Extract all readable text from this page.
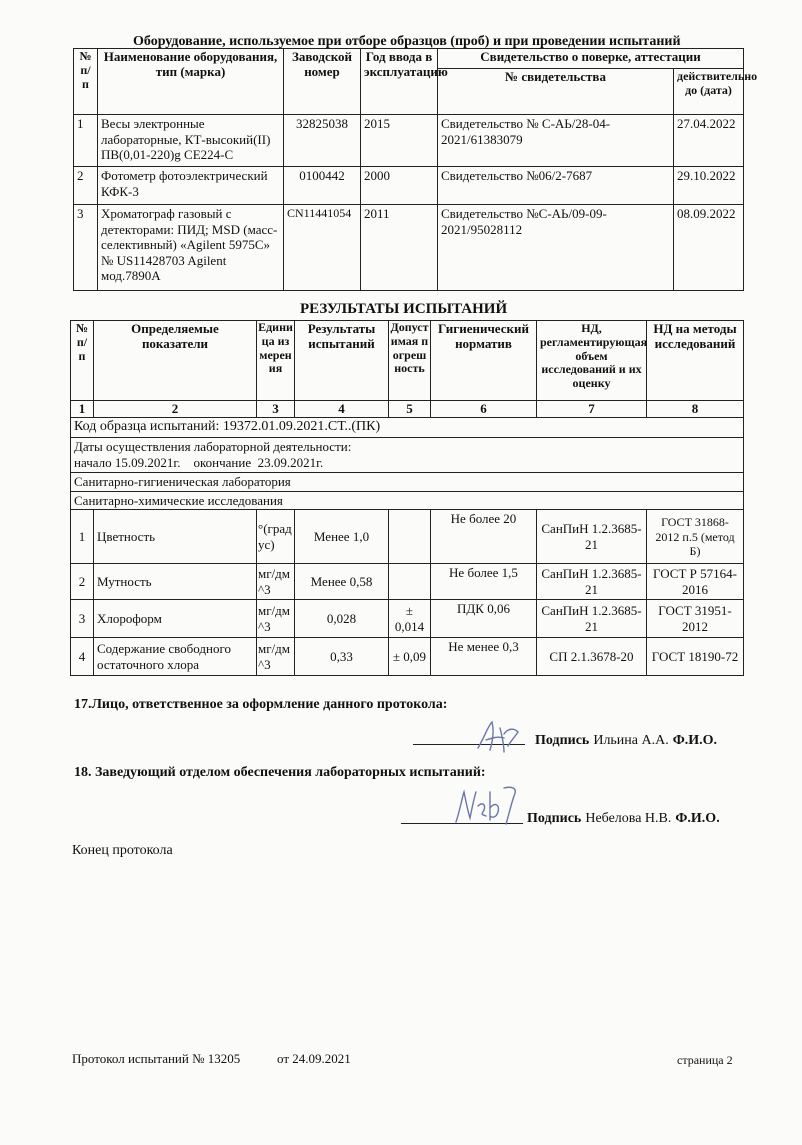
Оборудование, используемое при отборе образцов (проб) и при проведении испытаний
№ п/п	Наименование оборудования, тип (марка)	Заводской номер	Год ввода в эксплуатацию	Свидетельство о поверке, аттестации	
				№ свидетельства	действительно до (дата)
1	Весы электронные лабораторные, КТ-высокий(II) ПВ(0,01-220)g CE224-С	32825038	2015	Свидетельство № С-АЬ/28-04-2021/61383079	27.04.2022
2	Фотометр фотоэлектрический КФК-3	0100442	2000	Свидетельство №06/2-7687	29.10.2022
3	Хроматограф газовый с детекторами: ПИД; MSD (масс-селективный) «Agilent 5975C» № US11428703 Agilent мод.7890A	CN11441054	2011	Свидетельство №С-АЬ/09-09-2021/95028112	08.09.2022
РЕЗУЛЬТАТЫ ИСПЫТАНИЙ
№ п/п	Определяемые показатели	Единица измерения	Результаты испытаний	Допустимая погрешность	Гигиенический норматив	НД, регламентирующая объем исследований и их оценку	НД на методы исследований
1	2	3	4	5	6	7	8
Код образца испытаний: 19372.01.09.2021.СТ..(ПК)							
Даты осуществления лабораторной деятельности:
начало 15.09.2021г.    окончание  23.09.2021г.							
Санитарно-гигиеническая лаборатория							
Санитарно-химические исследования							
1	Цветность	°(градус)	Менее 1,0		Не более 20	СанПиН 1.2.3685-21	ГОСТ 31868-2012 п.5 (метод Б)
2	Мутность	мг/дм^3	Менее 0,58		Не более 1,5	СанПиН 1.2.3685-21	ГОСТ Р 57164-2016
3	Хлороформ	мг/дм^3	0,028	± 0,014	ПДК 0,06	СанПиН 1.2.3685-21	ГОСТ 31951-2012
4	Содержание свободного остаточного хлора	мг/дм^3	0,33	± 0,09	Не менее 0,3	СП 2.1.3678-20	ГОСТ 18190-72
17.Лицо, ответственное за оформление данного протокола:
Подпись Ильина А.А. Ф.И.О.
18. Заведующий отделом обеспечения лабораторных испытаний:
Подпись Небелова Н.В. Ф.И.О.
Конец протокола
Протокол испытаний № 13205	от 24.09.2021	страница 2
